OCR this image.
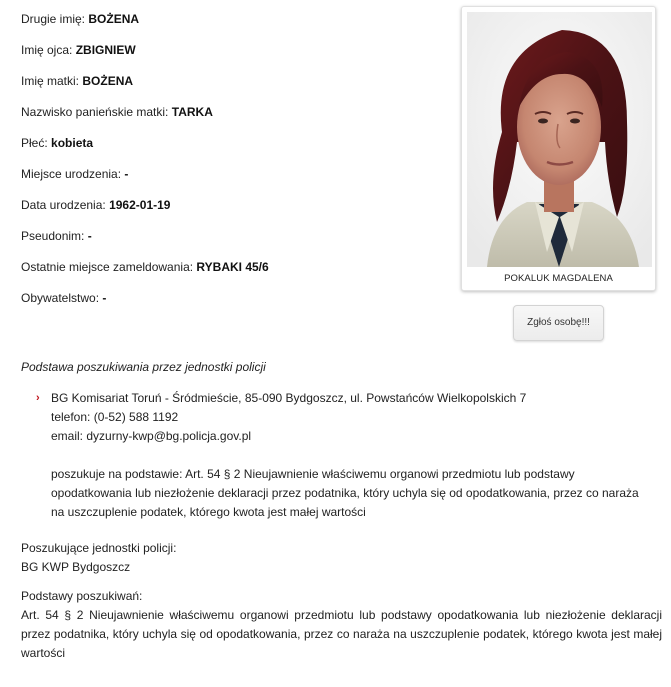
Drugie imię: BOŻENA
Imię ojca: ZBIGNIEW
Imię matki: BOŻENA
Nazwisko panieńskie matki: TARKA
Płeć: kobieta
Miejsce urodzenia: -
Data urodzenia: 1962-01-19
Pseudonim: -
Ostatnie miejsce zameldowania: RYBAKI 45/6
Obywatelstwo: -
POKALUK MAGDALENA
Zgłoś osobę!!!
Podstawa poszukiwania przez jednostki policji
› BG Komisariat Toruń - Śródmieście, 85-090 Bydgoszcz, ul. Powstańców Wielkopolskich 7
telefon: (0-52) 588 1192
email: dyzurny-kwp@bg.policja.gov.pl
poszukuje na podstawie: Art. 54 § 2 Nieujawnienie właściwemu organowi przedmiotu lub podstawy
opodatkowania lub niezłożenie deklaracji przez podatnika, który uchyla się od opodatkowania, przez co naraża
na uszczuplenie podatek, którego kwota jest małej wartości
Poszukujące jednostki policji:
BG KWP Bydgoszcz
Podstawy poszukiwań:
Art. 54 § 2 Nieujawnienie właściwemu organowi przedmiotu lub podstawy opodatkowania lub niezłożenie deklaracji przez podatnika, który uchyla się od opodatkowania, przez co naraża na uszczuplenie podatek, którego kwota jest małej wartości
